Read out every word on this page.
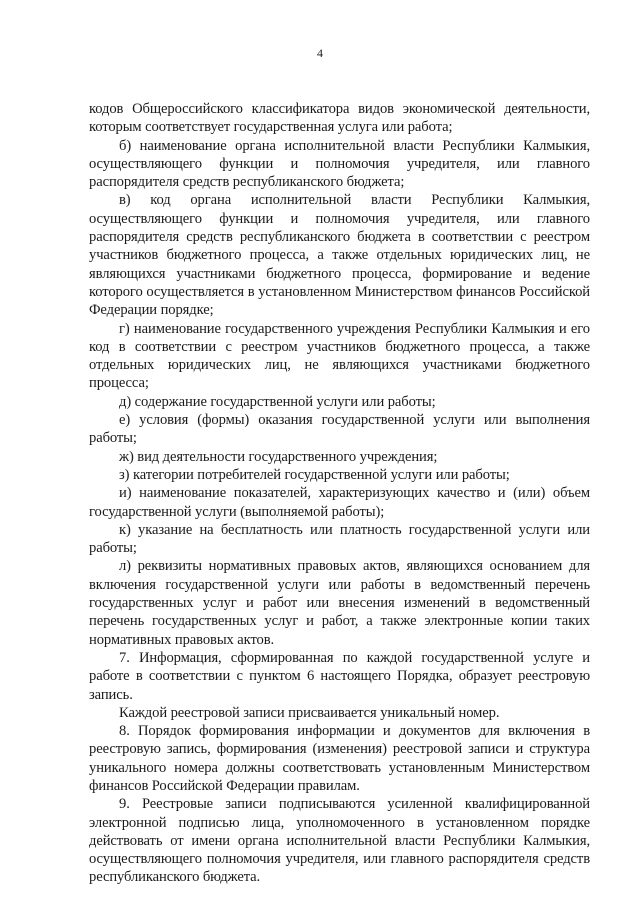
4

кодов Общероссийского классификатора видов экономической деятельности, которым соответствует государственная услуга или работа;

б) наименование органа исполнительной власти Республики Калмыкия, осуществляющего функции и полномочия учредителя, или главного распорядителя средств республиканского бюджета;

в) код органа исполнительной власти Республики Калмыкия, осуществляющего функции и полномочия учредителя, или главного распорядителя средств республиканского бюджета в соответствии с реестром участников бюджетного процесса, а также отдельных юридических лиц, не являющихся участниками бюджетного процесса, формирование и ведение которого осуществляется в установленном Министерством финансов Российской Федерации порядке;

г) наименование государственного учреждения Республики Калмыкия и его код в соответствии с реестром участников бюджетного процесса, а также отдельных юридических лиц, не являющихся участниками бюджетного процесса;

д) содержание государственной услуги или работы;

е) условия (формы) оказания государственной услуги или выполнения работы;

ж) вид деятельности государственного учреждения;

з) категории потребителей государственной услуги или работы;

и) наименование показателей, характеризующих качество и (или) объем государственной услуги (выполняемой работы);

к) указание на бесплатность или платность государственной услуги или работы;

л) реквизиты нормативных правовых актов, являющихся основанием для включения государственной услуги или работы в ведомственный перечень государственных услуг и работ или внесения изменений в ведомственный перечень государственных услуг и работ, а также электронные копии таких нормативных правовых актов.

7. Информация, сформированная по каждой государственной услуге и работе в соответствии с пунктом 6 настоящего Порядка, образует реестровую запись.

Каждой реестровой записи присваивается уникальный номер.

8. Порядок формирования информации и документов для включения в реестровую запись, формирования (изменения) реестровой записи и структура уникального номера должны соответствовать установленным Министерством финансов Российской Федерации правилам.

9. Реестровые записи подписываются усиленной квалифицированной электронной подписью лица, уполномоченного в установленном порядке действовать от имени органа исполнительной власти Республики Калмыкия, осуществляющего полномочия учредителя, или главного распорядителя средств республиканского бюджета.
